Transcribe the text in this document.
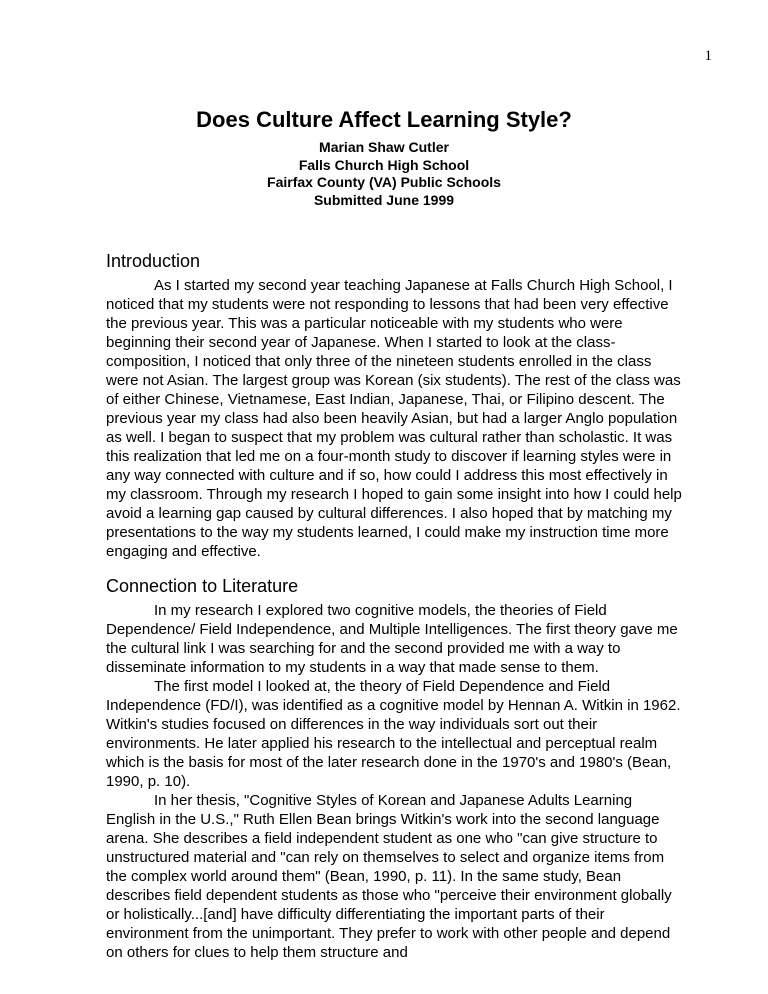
1
Does Culture Affect Learning Style?

Marian Shaw Cutler

Falls Church High School

Fairfax County (VA) Public Schools

Submitted June 1999

Introduction

As I started my second year teaching Japanese at Falls Church High School, I noticed that my students were not responding to lessons that had been very effective the previous year. This was a particular noticeable with my students who were beginning their second year of Japanese. When I started to look at the class-composition, I noticed that only three of the nineteen students enrolled in the class were not Asian. The largest group was Korean (six students). The rest of the class was of either Chinese, Vietnamese, East Indian, Japanese, Thai, or Filipino descent. The previous year my class had also been heavily Asian, but had a larger Anglo population as well. I began to suspect that my problem was cultural rather than scholastic. It was this realization that led me on a four-month study to discover if learning styles were in any way connected with culture and if so, how could I address this most effectively in my classroom. Through my research I hoped to gain some insight into how I could help avoid a learning gap caused by cultural differences. I also hoped that by matching my presentations to the way my students learned, I could make my instruction time more engaging and effective.

Connection to Literature

In my research I explored two cognitive models, the theories of Field Dependence/ Field Independence, and Multiple Intelligences. The first theory gave me the cultural link I was searching for and the second provided me with a way to disseminate information to my students in a way that made sense to them.

The first model I looked at, the theory of Field Dependence and Field Independence (FD/I), was identified as a cognitive model by Hennan A. Witkin in 1962. Witkin's studies focused on differences in the way individuals sort out their environments. He later applied his research to the intellectual and perceptual realm which is the basis for most of the later research done in the 1970's and 1980's (Bean, 1990, p. 10).

In her thesis, "Cognitive Styles of Korean and Japanese Adults Learning English in the U.S.," Ruth Ellen Bean brings Witkin's work into the second language arena. She describes a field independent student as one who "can give structure to unstructured material and "can rely on themselves to select and organize items from the complex world around them" (Bean, 1990, p. 11). In the same study, Bean describes field dependent students as those who "perceive their environment globally or holistically...[and] have difficulty differentiating the important parts of their environment from the unimportant. They prefer to work with other people and depend on others for clues to help them structure and
